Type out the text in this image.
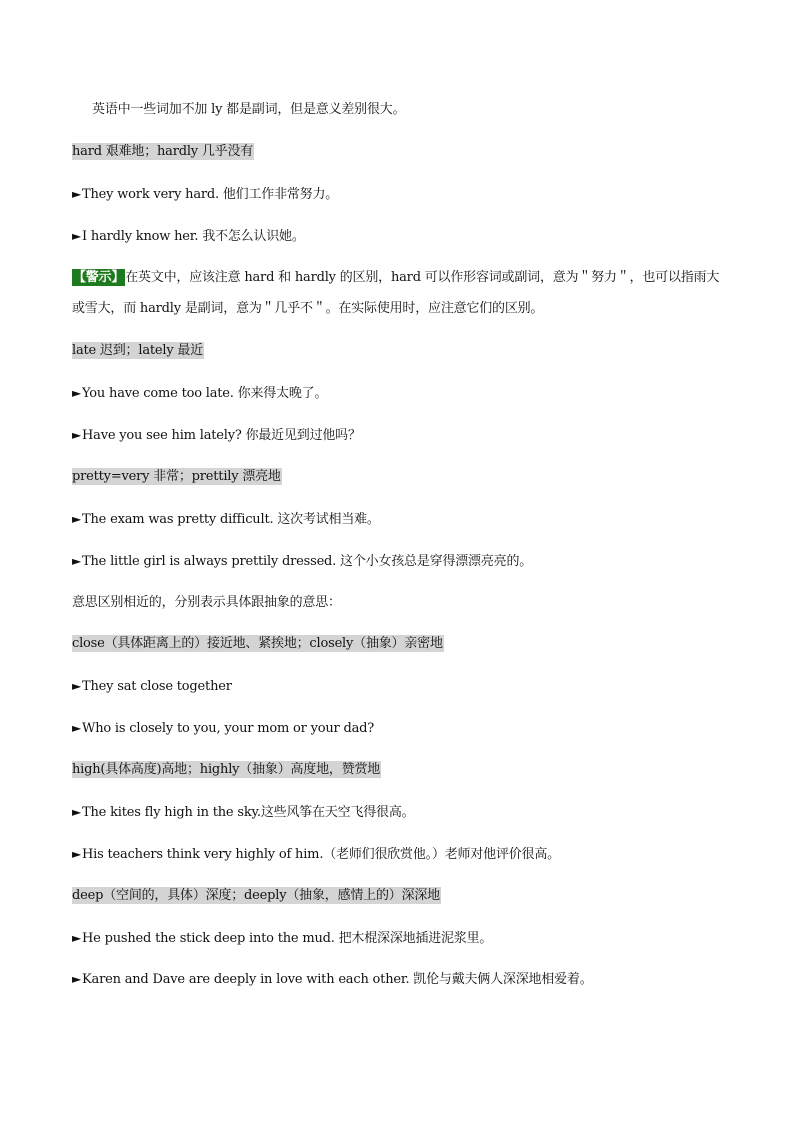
英语中一些词加不加 ly 都是副词，但是意义差别很大。
hard 艰难地；hardly 几乎没有
►They work very hard. 他们工作非常努力。
►I hardly know her. 我不怎么认识她。
【警示】在英文中，应该注意 hard 和 hardly 的区别，hard 可以作形容词或副词，意为＂努力＂，也可以指雨大或雪大，而 hardly 是副词，意为＂几乎不＂。在实际使用时，应注意它们的区别。
late 迟到；lately 最近
►You have come too late. 你来得太晚了。
►Have you see him lately? 你最近见到过他吗？
pretty=very 非常；prettily 漂亮地
►The exam was pretty difficult. 这次考试相当难。
►The little girl is always prettily dressed. 这个小女孩总是穿得漂漂亮亮的。
意思区别相近的，分别表示具体跟抽象的意思：
close（具体距离上的）接近地、紧挨地；closely（抽象）亲密地
►They sat close together
►Who is closely to you, your mom or your dad?
high(具体高度)高地；highly（抽象）高度地，赞赏地
►The kites fly high in the sky.这些风筝在天空飞得很高。
►His teachers think very highly of him.（老师们很欣赏他。）老师对他评价很高。
deep（空间的，具体）深度；deeply（抽象，感情上的）深深地
►He pushed the stick deep into the mud. 把木棍深深地插进泥浆里。
►Karen and Dave are deeply in love with each other. 凯伦与戴夫俩人深深地相爱着。
